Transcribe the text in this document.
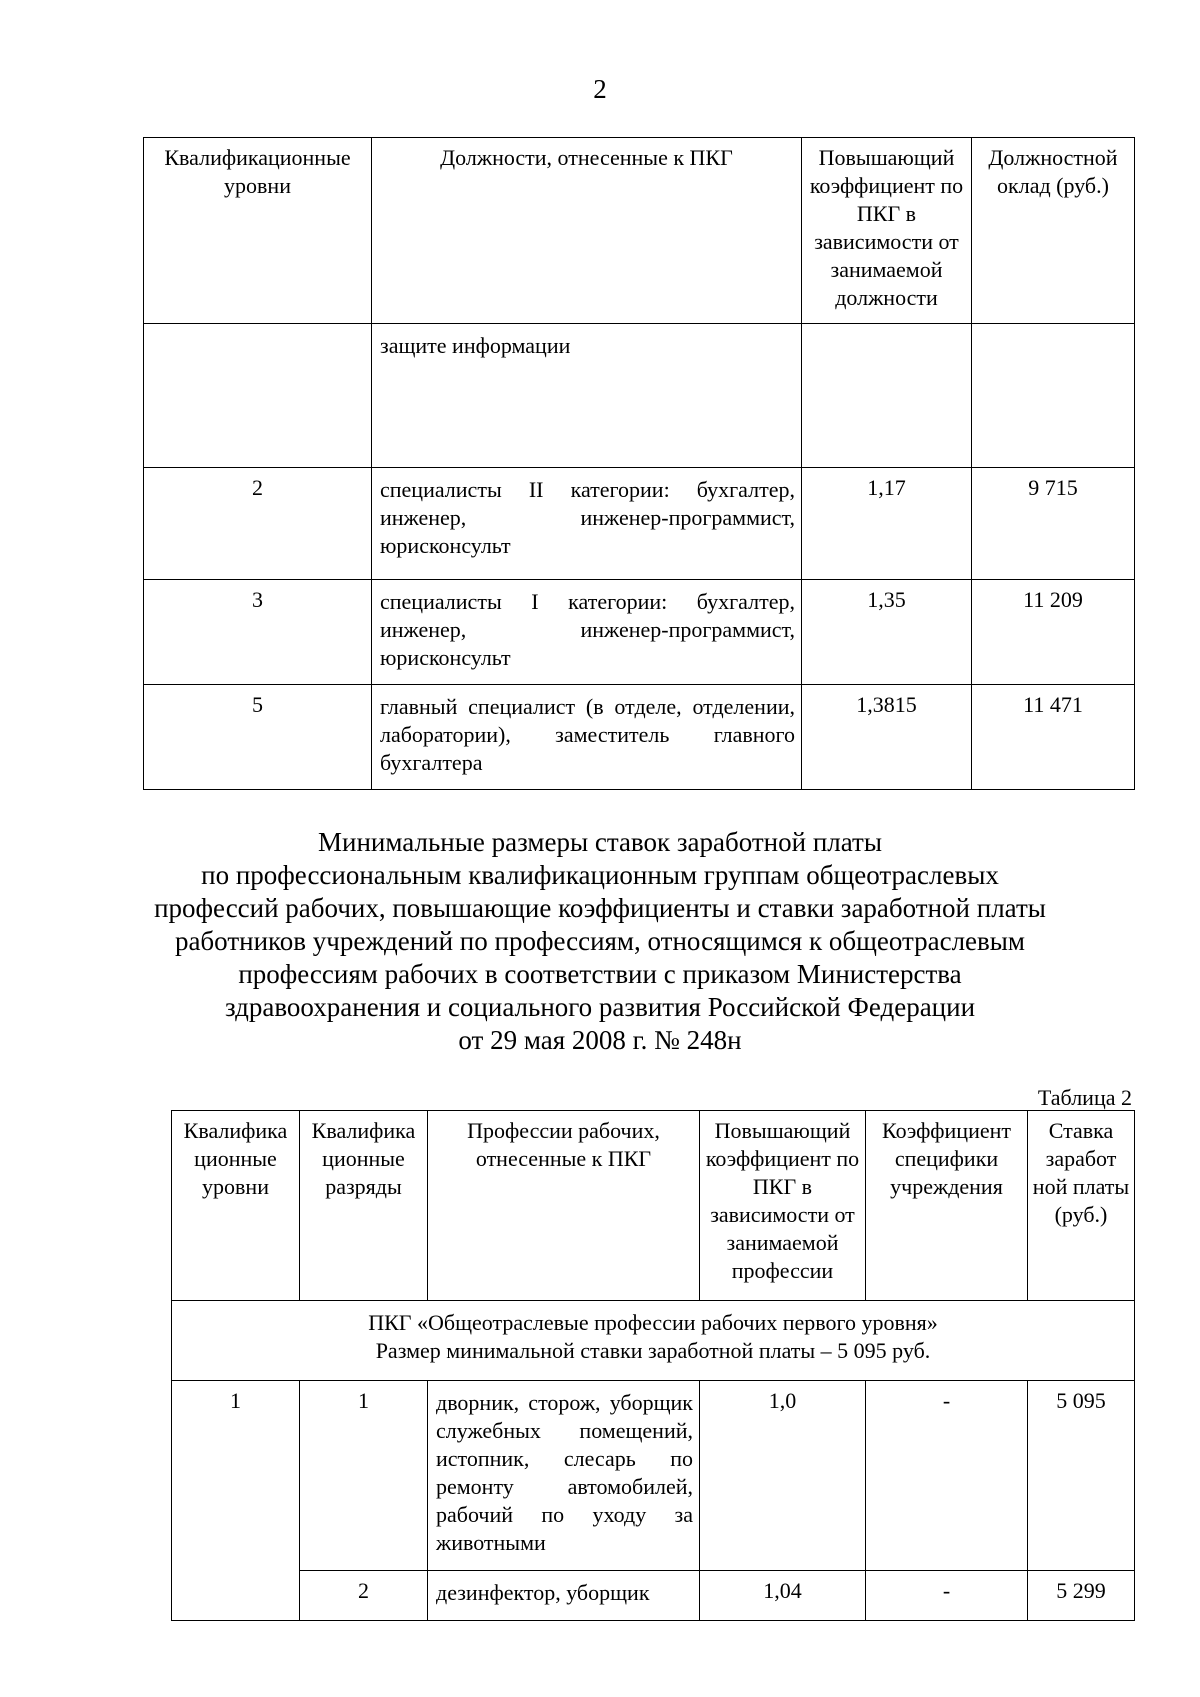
2
Квалификационные уровни	Должности, отнесенные к ПКГ	Повышающий коэффициент по ПКГ в зависимости от занимаемой должности	Должностной оклад (руб.)
	защите информации		
2	специалисты II категории: бухгалтер, инженер, инженер-программист, юрисконсульт	1,17	9 715
3	специалисты I категории: бухгалтер, инженер, инженер-программист, юрисконсульт	1,35	11 209
5	главный специалист (в отделе, отделении, лаборатории), заместитель главного бухгалтера	1,3815	11 471
Минимальные размеры ставок заработной платы
по профессиональным квалификационным группам общеотраслевых
профессий рабочих, повышающие коэффициенты и ставки заработной платы
работников учреждений по профессиям, относящимся к общеотраслевым
профессиям рабочих в соответствии с приказом Министерства
здравоохранения и социального развития Российской Федерации
от 29 мая 2008 г. № 248н
Таблица 2
Квалифика ционные уровни	Квалифика ционные разряды	Профессии рабочих, отнесенные к ПКГ	Повышающий коэффициент по ПКГ в зависимости от занимаемой профессии	Коэффициент специфики учреждения	Ставка заработ ной платы (руб.)

ПКГ «Общеотраслевые профессии рабочих первого уровня»
Размер минимальной ставки заработной платы – 5 095 руб.					

1	1	дворник, сторож, уборщик служебных помещений, истопник, слесарь по ремонту автомобилей, рабочий по уходу за животными	1,0	-	5 095
	2	дезинфектор, уборщик	1,04	-	5 299
